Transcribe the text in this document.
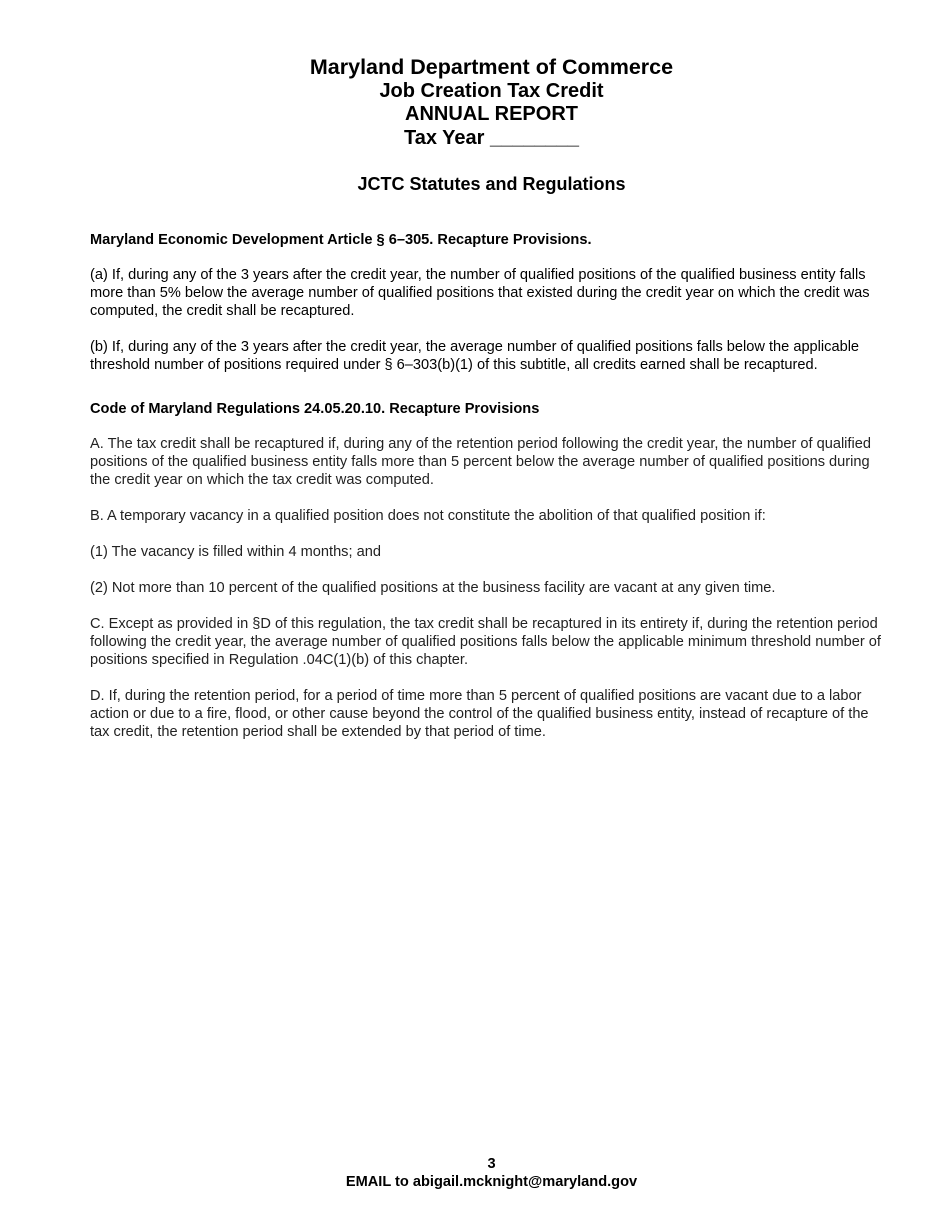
Maryland Department of Commerce
Job Creation Tax Credit
ANNUAL REPORT
Tax Year ________
JCTC Statutes and Regulations

Maryland Economic Development Article § 6–305. Recapture Provisions.

(a) If, during any of the 3 years after the credit year, the number of qualified positions of the qualified business entity falls more than 5% below the average number of qualified positions that existed during the credit year on which the credit was computed, the credit shall be recaptured.

(b) If, during any of the 3 years after the credit year, the average number of qualified positions falls below the applicable threshold number of positions required under § 6–303(b)(1) of this subtitle, all credits earned shall be recaptured.

Code of Maryland Regulations 24.05.20.10. Recapture Provisions

A. The tax credit shall be recaptured if, during any of the retention period following the credit year, the number of qualified positions of the qualified business entity falls more than 5 percent below the average number of qualified positions during the credit year on which the tax credit was computed.

B. A temporary vacancy in a qualified position does not constitute the abolition of that qualified position if:

(1) The vacancy is filled within 4 months; and

(2) Not more than 10 percent of the qualified positions at the business facility are vacant at any given time.

C. Except as provided in §D of this regulation, the tax credit shall be recaptured in its entirety if, during the retention period following the credit year, the average number of qualified positions falls below the applicable minimum threshold number of positions specified in Regulation .04C(1)(b) of this chapter.

D. If, during the retention period, for a period of time more than 5 percent of qualified positions are vacant due to a labor action or due to a fire, flood, or other cause beyond the control of the qualified business entity, instead of recapture of the tax credit, the retention period shall be extended by that period of time.

3
EMAIL to abigail.mcknight@maryland.gov
